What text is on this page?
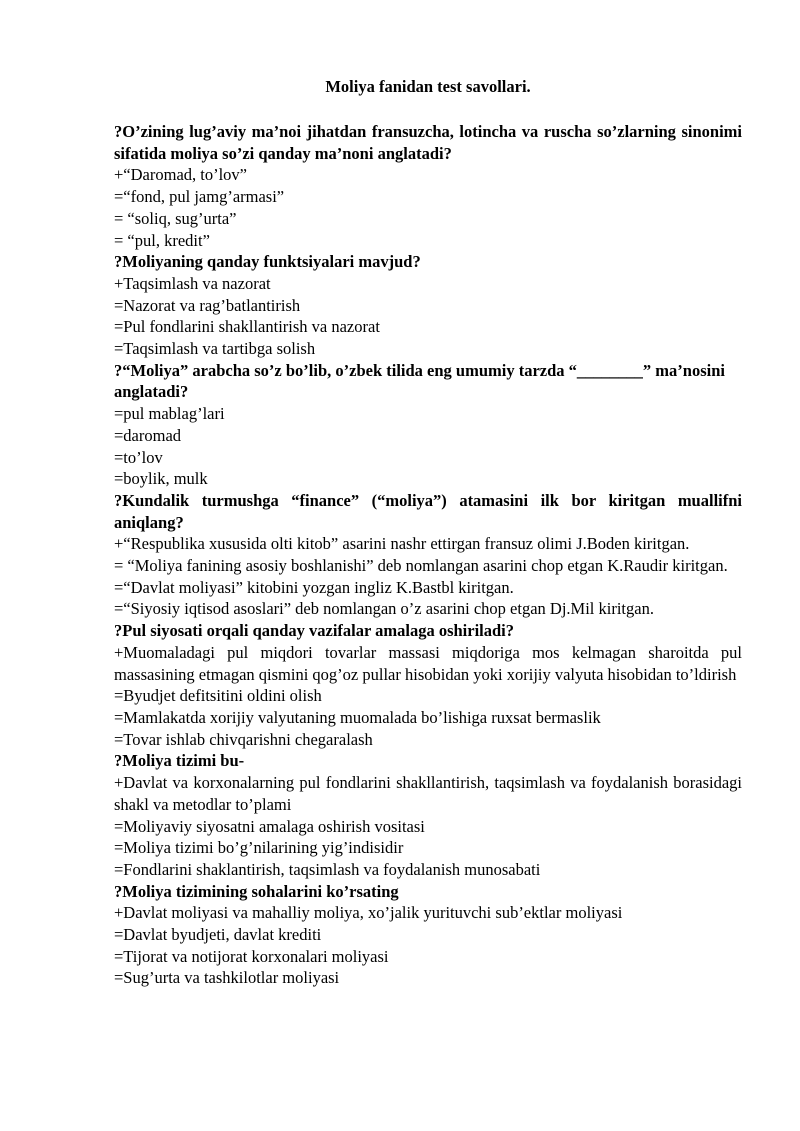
Moliya fanidan test savollari.
?O’zining lug’aviy ma’noi jihatdan fransuzcha, lotincha va ruscha so’zlarning sinonimi sifatida moliya so’zi qanday ma’noni anglatadi?
+“Daromad, to’lov”
=“fond, pul jamg’armasi”
= “soliq, sug’urta”
= “pul, kredit”
?Moliyaning qanday funktsiyalari mavjud?
+Taqsimlash va nazorat
=Nazorat va rag’batlantirish
=Pul fondlarini shakllantirish va nazorat
=Taqsimlash va tartibga solish
?“Moliya” arabcha so’z bo’lib, o’zbek tilida eng umumiy tarzda “________” ma’nosini anglatadi?
=pul mablag’lari
=daromad
=to’lov
=boylik, mulk
?Kundalik turmushga “finance” (“moliya”) atamasini ilk bor kiritgan muallifni aniqlang?
+“Respublika xususida olti kitob” asarini nashr ettirgan fransuz olimi J.Boden kiritgan.
= “Moliya fanining asosiy boshlanishi” deb nomlangan asarini chop etgan K.Raudir kiritgan.
=“Davlat moliyasi” kitobini yozgan ingliz K.Bastbl kiritgan.
=“Siyosiy iqtisod asoslari” deb nomlangan o’z asarini chop etgan Dj.Mil kiritgan.
?Pul siyosati orqali qanday vazifalar amalaga oshiriladi?
+Muomaladagi pul miqdori tovarlar massasi miqdoriga mos kelmagan sharoitda pul massasining etmagan qismini qog’oz pullar hisobidan yoki xorijiy valyuta hisobidan to’ldirish
=Byudjet defitsitini oldini olish
=Mamlakatda xorijiy valyutaning muomalada bo’lishiga ruxsat bermaslik
=Tovar ishlab chivqarishni chegaralash
?Moliya tizimi bu-
+Davlat va korxonalarning pul fondlarini shakllantirish, taqsimlash va foydalanish borasidagi shakl va metodlar to’plami
=Moliyaviy siyosatni amalaga oshirish vositasi
=Moliya tizimi bo’g’nilarining yig’indisidir
=Fondlarini shaklantirish, taqsimlash va foydalanish munosabati
?Moliya tizimining sohalarini ko’rsating
+Davlat moliyasi va mahalliy moliya, xo’jalik yurituvchi sub’ektlar moliyasi
=Davlat byudjeti, davlat krediti
=Tijorat va notijorat korxonalari moliyasi
=Sug’urta va tashkilotlar moliyasi
